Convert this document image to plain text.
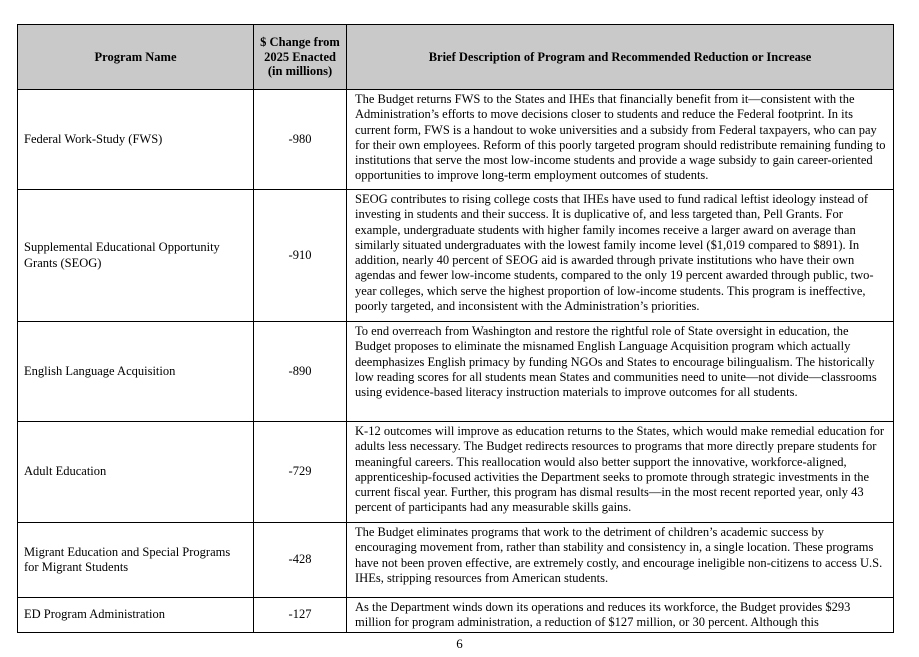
Program Name	$ Change from 2025 Enacted (in millions)	Brief Description of Program and Recommended Reduction or Increase
Federal Work-Study (FWS)	-980	The Budget returns FWS to the States and IHEs that financially benefit from it—consistent with the Administration’s efforts to move decisions closer to students and reduce the Federal footprint. In its current form, FWS is a handout to woke universities and a subsidy from Federal taxpayers, who can pay for their own employees. Reform of this poorly targeted program should redistribute remaining funding to institutions that serve the most low-income students and provide a wage subsidy to gain career-oriented opportunities to improve long-term employment outcomes of students.
Supplemental Educational Opportunity Grants (SEOG)	-910	SEOG contributes to rising college costs that IHEs have used to fund radical leftist ideology instead of investing in students and their success. It is duplicative of, and less targeted than, Pell Grants. For example, undergraduate students with higher family incomes receive a larger award on average than similarly situated undergraduates with the lowest family income level ($1,019 compared to $891). In addition, nearly 40 percent of SEOG aid is awarded through private institutions who have their own agendas and fewer low-income students, compared to the only 19 percent awarded through public, two-year colleges, which serve the highest proportion of low-income students. This program is ineffective, poorly targeted, and inconsistent with the Administration’s priorities.
English Language Acquisition	-890	To end overreach from Washington and restore the rightful role of State oversight in education, the Budget proposes to eliminate the misnamed English Language Acquisition program which actually deemphasizes English primacy by funding NGOs and States to encourage bilingualism. The historically low reading scores for all students mean States and communities need to unite—not divide—classrooms using evidence-based literacy instruction materials to improve outcomes for all students.
Adult Education	-729	K-12 outcomes will improve as education returns to the States, which would make remedial education for adults less necessary. The Budget redirects resources to programs that more directly prepare students for meaningful careers. This reallocation would also better support the innovative, workforce-aligned, apprenticeship-focused activities the Department seeks to promote through strategic investments in the current fiscal year. Further, this program has dismal results—in the most recent reported year, only 43 percent of participants had any measurable skills gains.
Migrant Education and Special Programs for Migrant Students	-428	The Budget eliminates programs that work to the detriment of children’s academic success by encouraging movement from, rather than stability and consistency in, a single location. These programs have not been proven effective, are extremely costly, and encourage ineligible non-citizens to access U.S. IHEs, stripping resources from American students.
ED Program Administration	-127	As the Department winds down its operations and reduces its workforce, the Budget provides $293 million for program administration, a reduction of $127 million, or 30 percent. Although this
6
